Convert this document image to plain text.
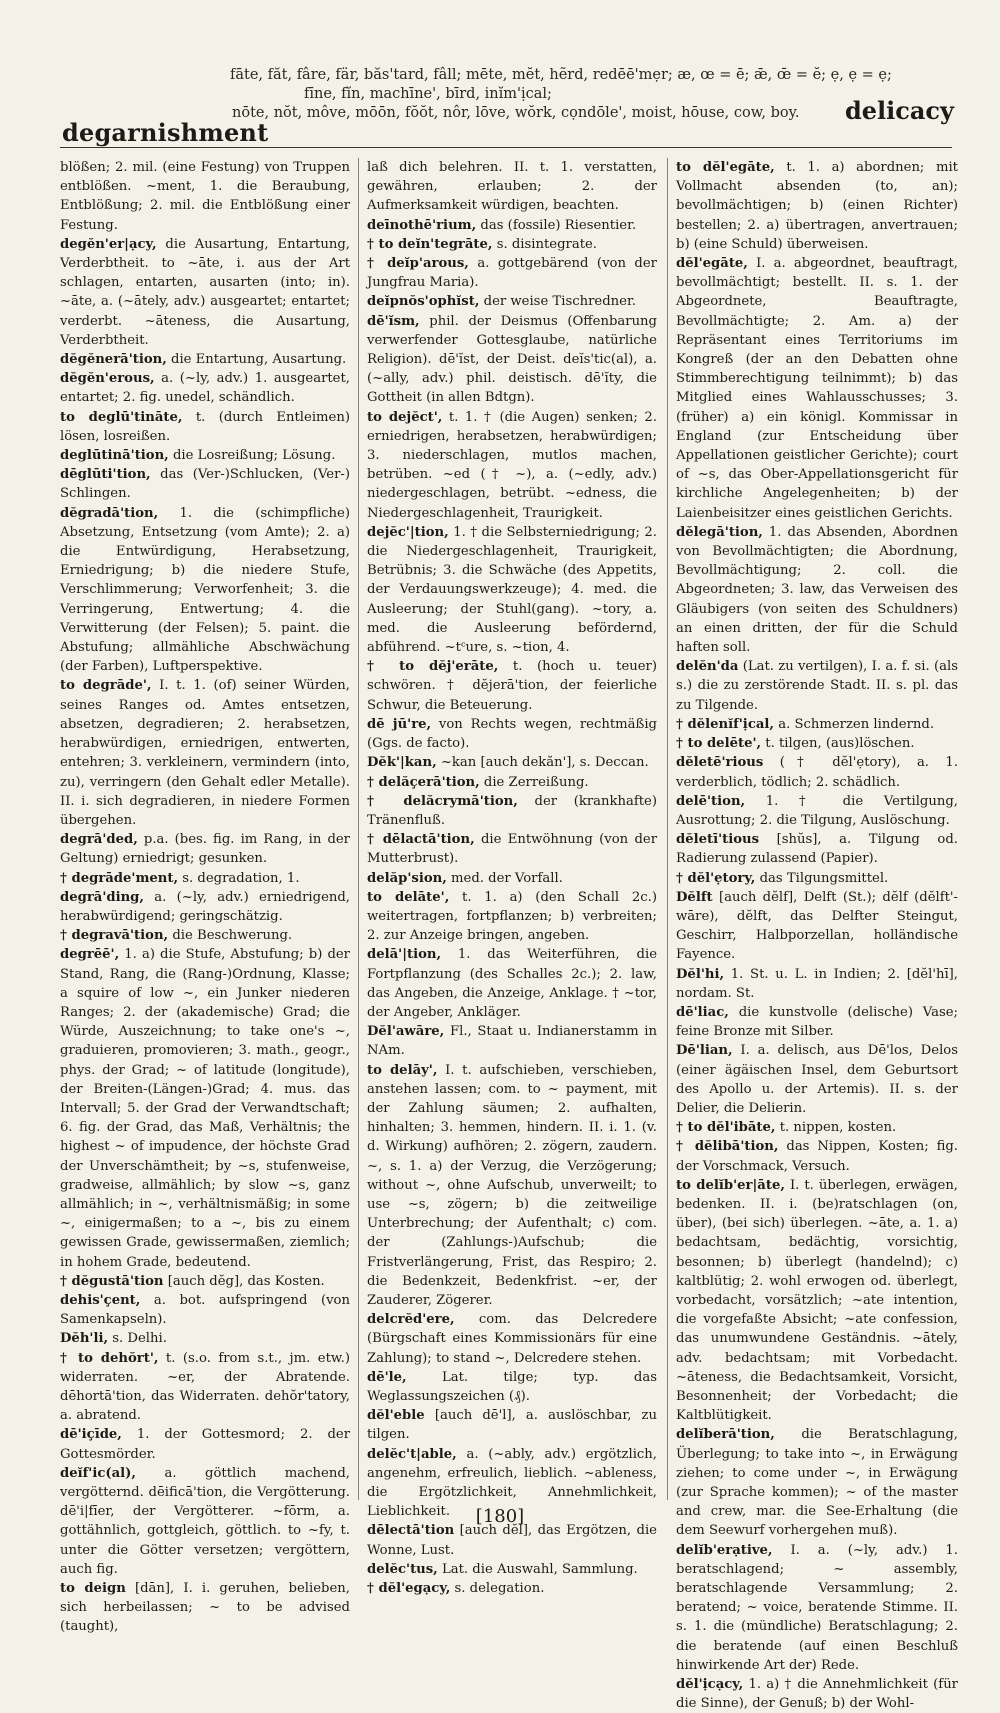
degarnishment
fāte, făt, fâre, fär, băs'tard, fâll; mēte, mĕt, hẽrd, redēē'mẹr; æ, œ = ē; ǣ, œ̄ = ĕ; ẹ, ẹ = ẹ;
fīne, fĭn, machīne', bīrd, inĭm'ịcal;
nōte, nŏt, môve, mōōn, fŏŏt, nôr, lōve, wŏrk, cọndōle', moist, hōuse, cow, boy.	delicacy
blößen; 2. mil. (eine Festung) von Truppen entblößen. ~ment, 1. die Beraubung, Entblößung; 2. mil. die Entblößung einer Festung.
degĕn'er|ạcy, die Ausartung, Entartung, Verderbtheit. to ~āte, i. aus der Art schlagen, entarten, ausarten (into; in). ~āte, a. (~ātely, adv.) ausgeartet; entartet; verderbt. ~āteness, die Ausartung, Verderbtheit.
dĕgĕnerā'tion, die Entartung, Ausartung.
dĕgĕn'erous, a. (~ly, adv.) 1. ausgeartet, entartet; 2. fig. unedel, schändlich.
to deglū'tināte, t. (durch Entleimen) lösen, losreißen.
deglūtinā'tion, die Losreißung; Lösung.
dēglūti'tion, das (Ver-)Schlucken, (Ver-) Schlingen.
dĕgradā'tion, 1. die (schimpfliche) Absetzung, Entsetzung (vom Amte); 2. a) die Entwürdigung, Herabsetzung, Erniedrigung; b) die niedere Stufe, Verschlimmerung; Verworfenheit; 3. die Verringerung, Entwertung; 4. die Verwitterung (der Felsen); 5. paint. die Abstufung; allmähliche Abschwächung (der Farben), Luftperspektive.
to degrāde', I. t. 1. (of) seiner Würden, seines Ranges od. Amtes entsetzen, absetzen, degradieren; 2. herabsetzen, herabwürdigen, erniedrigen, entwerten, entehren; 3. verkleinern, vermindern (into, zu), verringern (den Gehalt edler Metalle). II. i. sich degradieren, in niedere Formen übergehen.
degrā'ded, p.a. (bes. fig. im Rang, in der Geltung) erniedrigt; gesunken.
† degrāde'ment, s. degradation, 1.
degrā'ding, a. (~ly, adv.) erniedrigend, herabwürdigend; geringschätzig.
† degravā'tion, die Beschwerung.
degrēē', 1. a) die Stufe, Abstufung; b) der Stand, Rang, die (Rang-)Ordnung, Klasse; a squire of low ~, ein Junker niederen Ranges; 2. der (akademische) Grad; die Würde, Auszeichnung; to take one's ~, graduieren, promovieren; 3. math., geogr., phys. der Grad; ~ of latitude (longitude), der Breiten-(Längen-)Grad; 4. mus. das Intervall; 5. der Grad der Verwandtschaft; 6. fig. der Grad, das Maß, Verhältnis; the highest ~ of impudence, der höchste Grad der Unverschämtheit; by ~s, stufenweise, gradweise, allmählich; by slow ~s, ganz allmählich; in ~, verhältnismäßig; in some ~, einigermaßen; to a ~, bis zu einem gewissen Grade, gewissermaßen, ziemlich; in hohem Grade, bedeutend.
† dĕgustā'tion [auch dĕg], das Kosten.
dehis'çent, a. bot. aufspringend (von Samenkapseln).
Dĕh'li, s. Delhi.
† to dehŏrt', t. (s.o. from s.t., jm. etw.) widerraten. ~er, der Abratende. dēhortā'tion, das Widerraten. dehŏr'tatory, a. abratend.
dē'içīde, 1. der Gottesmord; 2. der Gottesmörder.
deĭf'ic(al), a. göttlich machend, vergötternd. dēificā'tion, die Vergötterung. dē'i|fīer, der Vergötterer. ~fōrm, a. gottähnlich, gottgleich, göttlich. to ~fy, t. unter die Götter versetzen; vergöttern, auch fig.
to deign [dān], I. i. geruhen, belieben, sich herbeilassen; ~ to be advised (taught),
laß dich belehren. II. t. 1. verstatten, gewähren, erlauben; 2. der Aufmerksamkeit würdigen, beachten.
deīnothē'rium, das (fossile) Riesentier.
† to deĭn'tegrāte, s. disintegrate.
† deĭp'arous, a. gottgebärend (von der Jungfrau Maria).
deĭpnŏs'ophĭst, der weise Tischredner.
dē'ĭsm, phil. der Deismus (Offenbarung verwerfender Gottesglaube, natürliche Religion). dē'ĭst, der Deist. deĭs'tic(al), a. (~ally, adv.) phil. deistisch. dē'ĭty, die Gottheit (in allen Bdtgn).
to dejĕct', t. 1. † (die Augen) senken; 2. erniedrigen, herabsetzen, herabwürdigen; 3. niederschlagen, mutlos machen, betrüben. ~ed († ~), a. (~edly, adv.) niedergeschlagen, betrübt. ~edness, die Niedergeschlagenheit, Traurigkeit.
dejĕc'|tion, 1. † die Selbsterniedrigung; 2. die Niedergeschlagenheit, Traurigkeit, Betrübnis; 3. die Schwäche (des Appetits, der Verdauungswerkzeuge); 4. med. die Ausleerung; der Stuhl(gang). ~tory, a. med. die Ausleerung befördernd, abführend. ~tᶜure, s. ~tion, 4.
† to dĕj'erāte, t. (hoch u. teuer) schwören. † dĕjerā'tion, der feierliche Schwur, die Beteuerung.
dē jū're, von Rechts wegen, rechtmäßig (Ggs. de facto).
Dĕk'|kan, ~kan [auch dekăn'], s. Deccan.
† delăçerā'tion, die Zerreißung.
† delăcrymā'tion, der (krankhafte) Tränenfluß.
† dēlactā'tion, die Entwöhnung (von der Mutterbrust).
delăp'sion, med. der Vorfall.
to delāte', t. 1. a) (den Schall 2c.) weitertragen, fortpflanzen; b) verbreiten; 2. zur Anzeige bringen, angeben.
delā'|tion, 1. das Weiterführen, die Fortpflanzung (des Schalles 2c.); 2. law, das Angeben, die Anzeige, Anklage. † ~tor, der Angeber, Ankläger.
Dĕl'awāre, Fl., Staat u. Indianerstamm in NAm.
to delāy', I. t. aufschieben, verschieben, anstehen lassen; com. to ~ payment, mit der Zahlung säumen; 2. aufhalten, hinhalten; 3. hemmen, hindern. II. i. 1. (v. d. Wirkung) aufhören; 2. zögern, zaudern. ~, s. 1. a) der Verzug, die Verzögerung; without ~, ohne Aufschub, unverweilt; to use ~s, zögern; b) die zeitweilige Unterbrechung; der Aufenthalt; c) com. der (Zahlungs-)Aufschub; die Fristverlängerung, Frist, das Respiro; 2. die Bedenkzeit, Bedenkfrist. ~er, der Zauderer, Zögerer.
delcrĕd'ere, com. das Delcredere (Bürgschaft eines Kommissionärs für eine Zahlung); to stand ~, Delcredere stehen.
dē'le,	Lat. tilge; typ. das Weglassungszeichen (₰).
dĕl'eble [auch dē'l], a. auslöschbar, zu tilgen.
delĕc't|able, a. (~ably, adv.) ergötzlich, angenehm, erfreulich, lieblich. ~ableness, die Ergötzlichkeit, Annehmlichkeit, Lieblichkeit.
dēlectā'tion [auch dĕl], das Ergötzen, die Wonne, Lust.
delĕc'tus, Lat. die Auswahl, Sammlung.
† dĕl'egạcy, s. delegation.
to dĕl'egāte, t. 1. a) abordnen; mit Vollmacht absenden (to, an); bevollmächtigen; b) (einen Richter) bestellen; 2. a) übertragen, anvertrauen; b) (eine Schuld) überweisen.
dĕl'egāte, I. a. abgeordnet, beauftragt, bevollmächtigt; bestellt. II. s. 1. der Abgeordnete, Beauftragte, Bevollmächtigte; 2. Am. a) der Repräsentant eines Territoriums im Kongreß (der an den Debatten ohne Stimmberechtigung teilnimmt); b) das Mitglied eines Wahlausschusses; 3. (früher) a) ein königl. Kommissar in England (zur Entscheidung über Appellationen geistlicher Gerichte); court of ~s, das Ober-Appellationsgericht für kirchliche Angelegenheiten; b) der Laienbeisitzer eines geistlichen Gerichts.
dĕlegā'tion, 1. das Absenden, Abordnen von Bevollmächtigten; die Abordnung, Bevollmächtigung; 2. coll. die Abgeordneten; 3. law, das Verweisen des Gläubigers (von seiten des Schuldners) an einen dritten, der für die Schuld haften soll.
delĕn'da (Lat. zu vertilgen), I. a. f. si. (als s.) die zu zerstörende Stadt. II. s. pl. das zu Tilgende.
† dĕlenĭf'ịcal, a. Schmerzen lindernd.
† to delēte', t. tilgen, (aus)löschen.
dĕletē'rious († dĕl'ẹtory), a. 1. verderblich, tödlich; 2. schädlich.
delē'tion, 1. † die Vertilgung, Ausrottung; 2. die Tilgung, Auslöschung.
dĕletī'tious [shŭs], a. Tilgung od. Radierung zulassend (Papier).
† dĕl'ẹtory, das Tilgungsmittel.
Dĕlft [auch dĕlf], Delft (St.); dĕlf (dĕlft'-wāre), dĕlft, das Delfter Steingut, Geschirr, Halbporzellan, holländische Fayence.
Dĕl'hi, 1. St. u. L. in Indien; 2. [dĕl'hī], nordam. St.
dē'liac, die kunstvolle (delische) Vase; feine Bronze mit Silber.
Dē'lian, I. a. delisch, aus Dē'los, Delos (einer ägäischen Insel, dem Geburtsort des Apollo u. der Artemis). II. s. der Delier, die Delierin.
† to dĕl'ibāte, t. nippen, kosten.
† dĕlibā'tion, das Nippen, Kosten; fig. der Vorschmack, Versuch.
to delĭb'er|āte, I. t. überlegen, erwägen, bedenken. II. i. (be)ratschlagen (on, über), (bei sich) überlegen. ~āte, a. 1. a) bedachtsam, bedächtig, vorsichtig, besonnen; b) überlegt (handelnd); c) kaltblütig; 2. wohl erwogen od. überlegt, vorbedacht, vorsätzlich; ~ate intention, die vorgefaßte Absicht; ~ate confession, das unumwundene Geständnis. ~ātely, adv. bedachtsam; mit Vorbedacht. ~āteness, die Bedachtsamkeit, Vorsicht, Besonnenheit; der Vorbedacht; die Kaltblütigkeit.
delĭberā'tion, die Beratschlagung, Überlegung; to take into ~, in Erwägung ziehen; to come under ~, in Erwägung (zur Sprache kommen); ~ of the master and crew, mar. die See-Erhaltung (die dem Seewurf vorhergehen muß).
delĭb'erạtive, I. a. (~ly, adv.) 1. beratschlagend; ~ assembly, beratschlagende Versammlung; 2. beratend; ~ voice, beratende Stimme. II. s. 1. die (mündliche) Beratschlagung; 2. die beratende (auf einen Beschluß hinwirkende Art der) Rede.
dĕl'ịcạcy, 1. a) † die Annehmlichkeit (für die Sinne), der Genuß; b) der Wohl-
[180]
